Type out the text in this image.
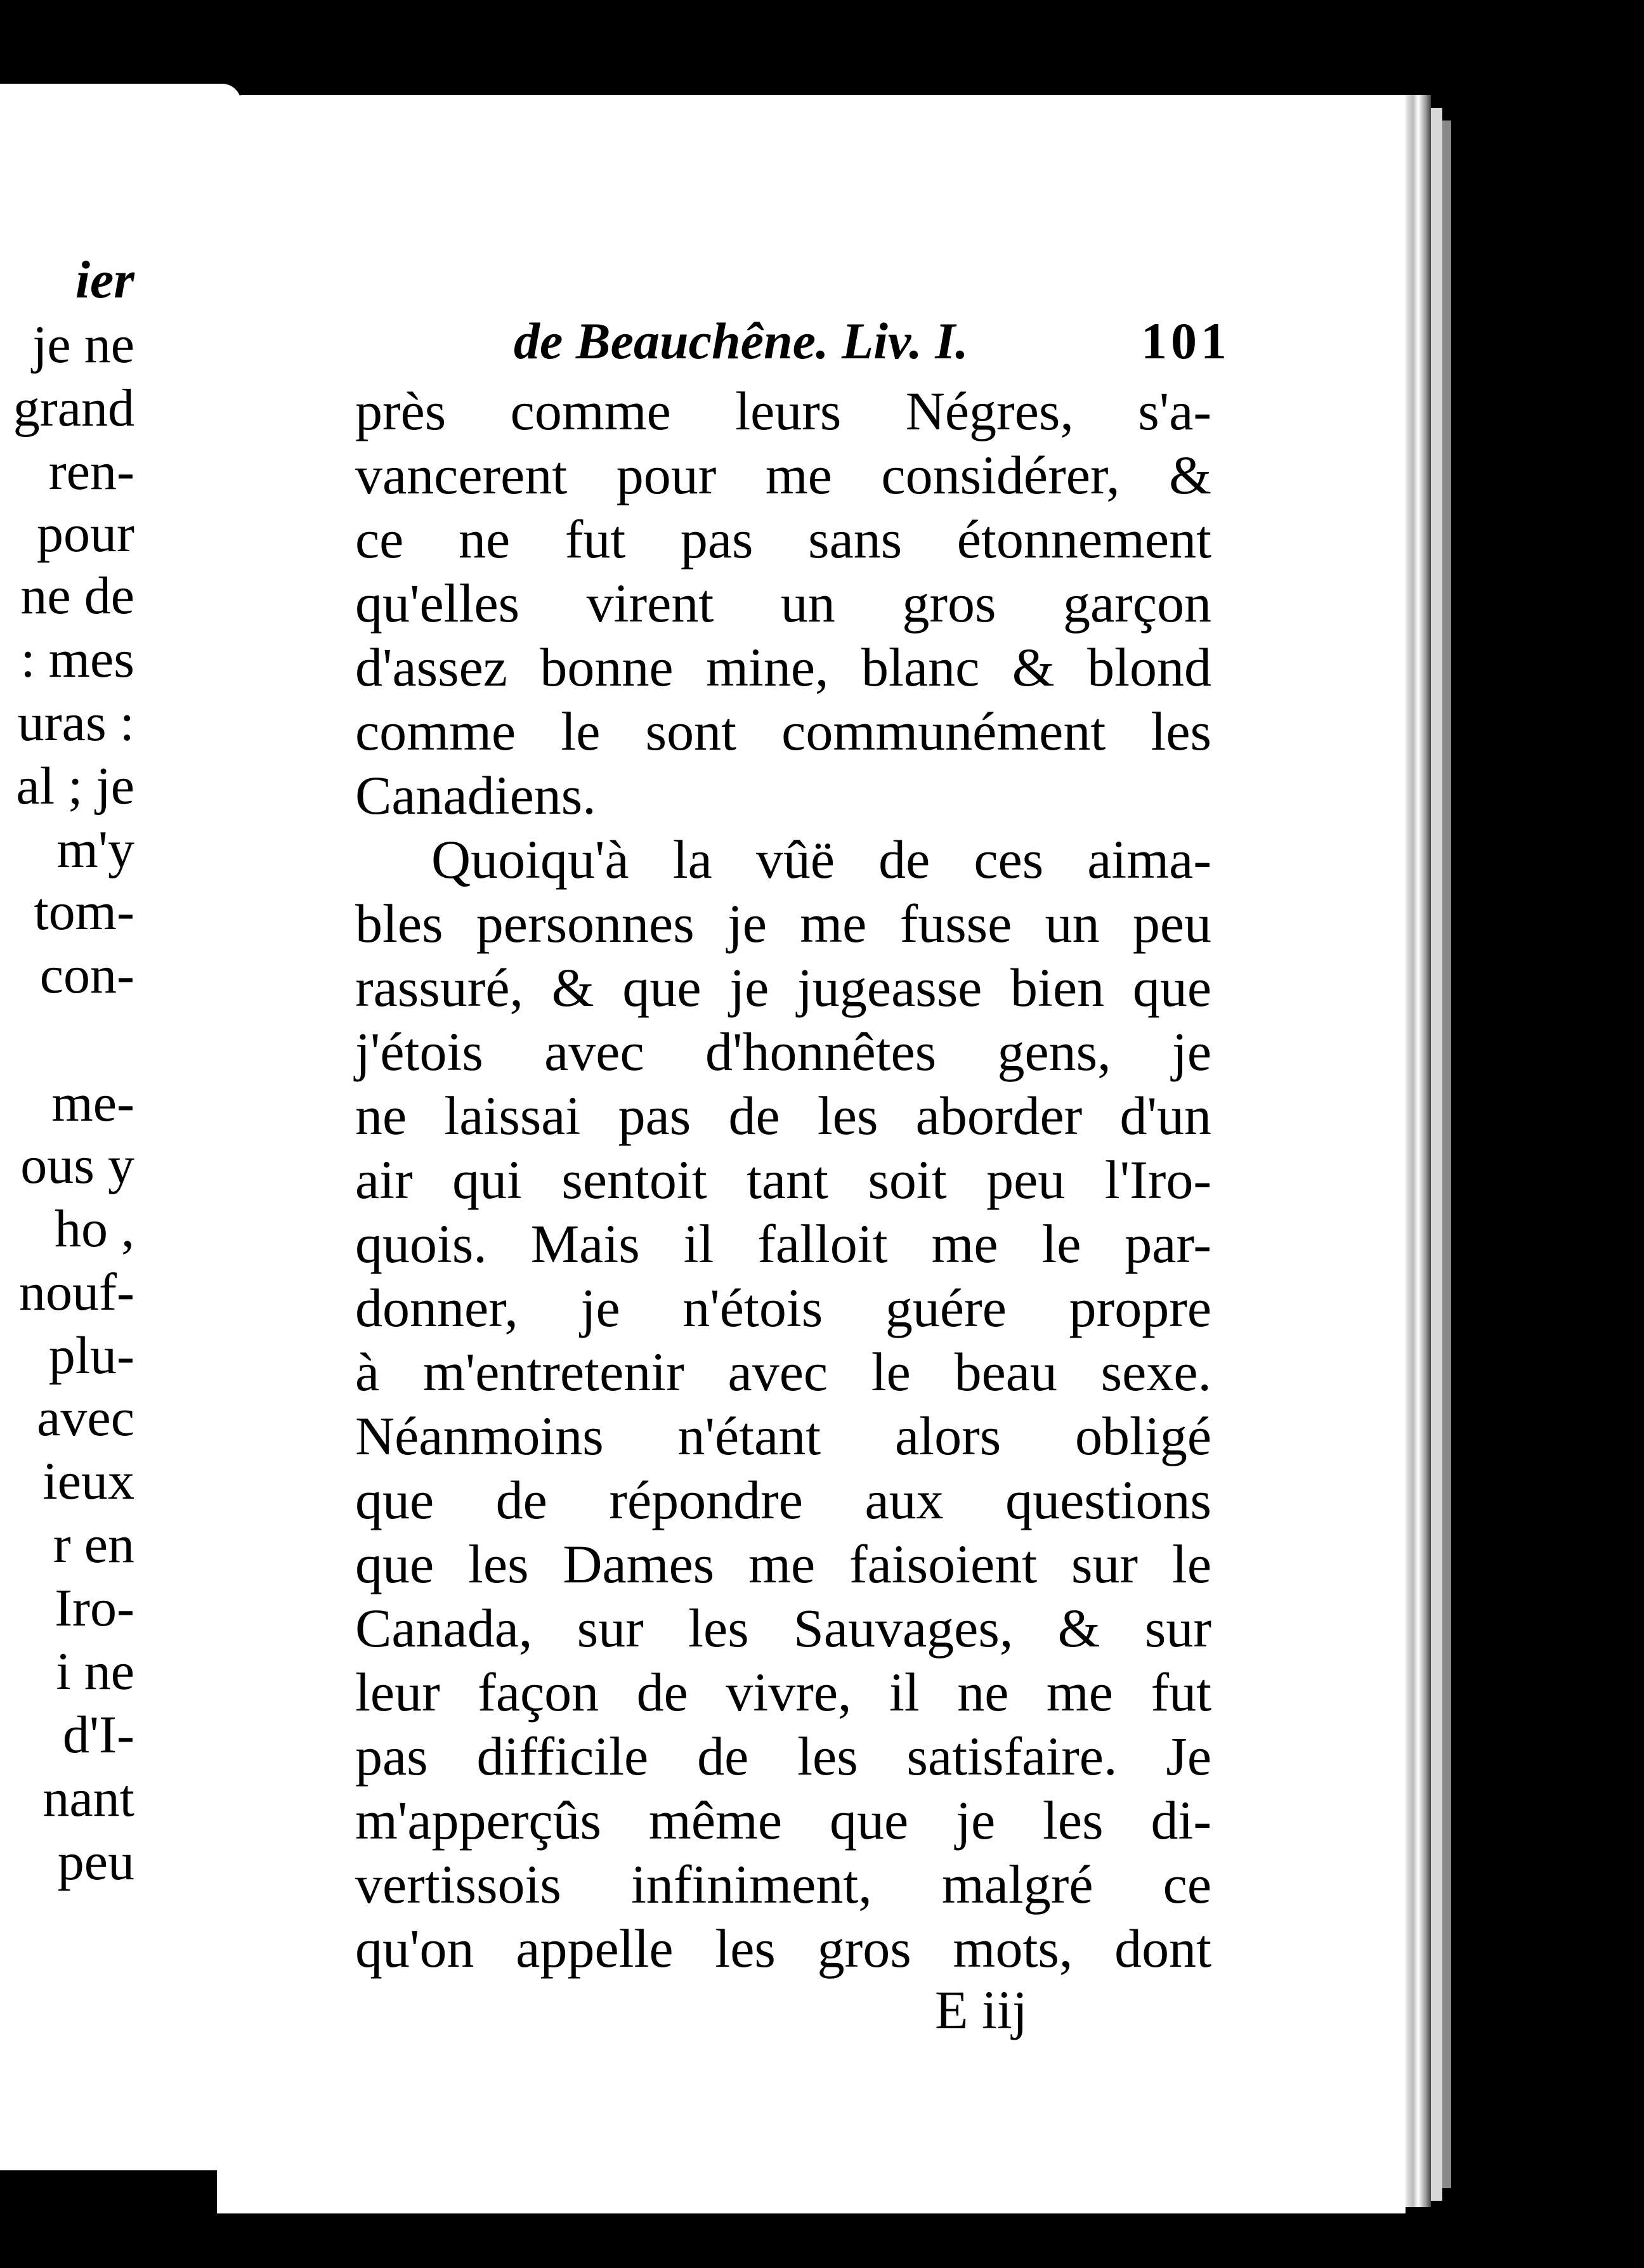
ier
je ne
grand
ren-
pour
ne de
: mes
uras :
al ; je
m'y
tom-
con-
me-
ous y
ho ,
nouf-
plu-
avec
ieux
r en
Iro-
i ne
d'I-
nant
peu
de Beauchêne. Liv. I.	101
près comme leurs Négres, s'a-
vancerent pour me considérer, &
ce ne fut pas sans étonnement
qu'elles virent un gros garçon
d'assez bonne mine, blanc & blond
comme le sont communément les
Canadiens.
Quoiqu'à la vûë de ces aima-
bles personnes je me fusse un peu
rassuré, & que je jugeasse bien que
j'étois avec d'honnêtes gens, je
ne laissai pas de les aborder d'un
air qui sentoit tant soit peu l'Iro-
quois. Mais il falloit me le par-
donner, je n'étois guére propre
à m'entretenir avec le beau sexe.
Néanmoins n'étant alors obligé
que de répondre aux questions
que les Dames me faisoient sur le
Canada, sur les Sauvages, & sur
leur façon de vivre, il ne me fut
pas difficile de les satisfaire. Je
m'apperçûs même que je les di-
vertissois infiniment, malgré ce
qu'on appelle les gros mots, dont
E iij
